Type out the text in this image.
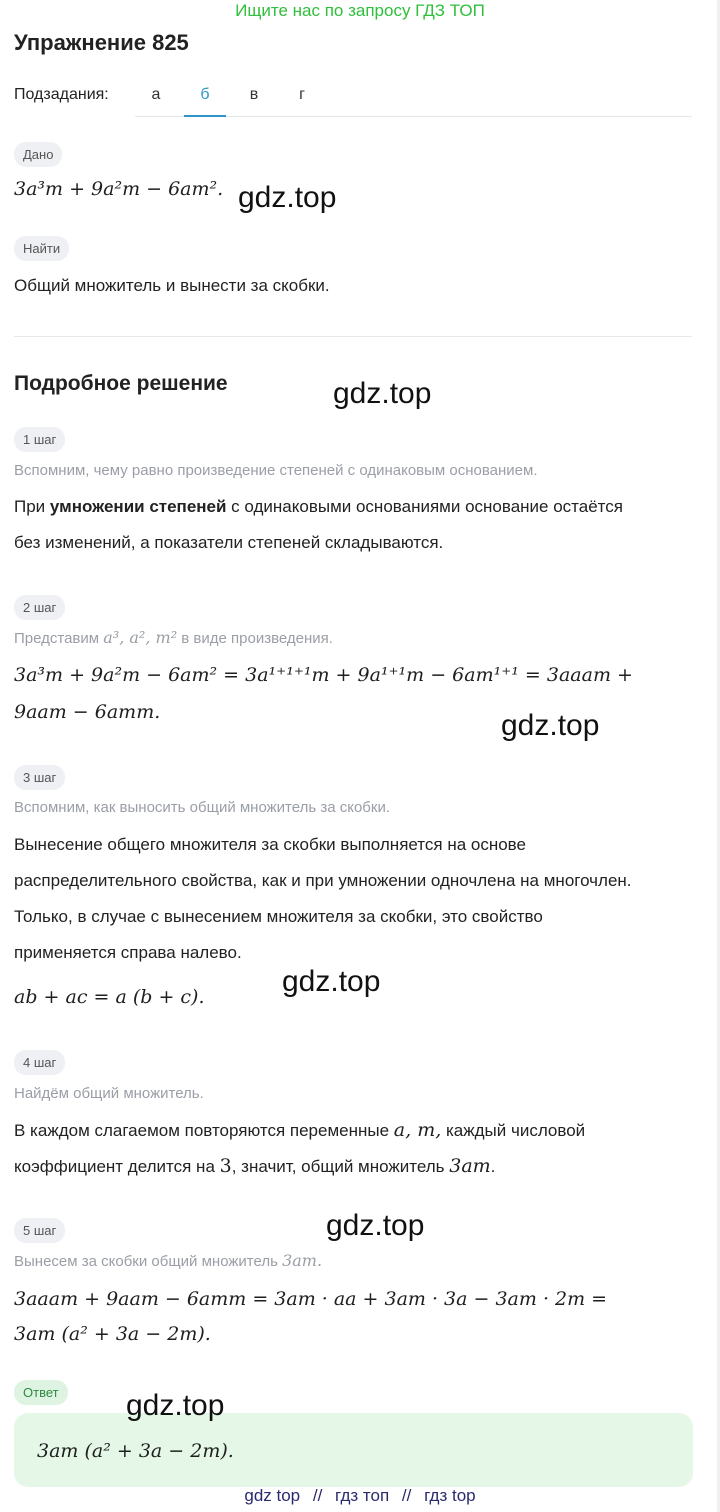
Ищите нас по запросу ГДЗ ТОП
Упражнение 825
Подзадания:	а	б	в	г
Дано
3a³m + 9a²m − 6am². gdz.top
Найти
Общий множитель и вынести за скобки.
Подробное решение	gdz.top
1 шаг
Вспомним, чему равно произведение степеней с одинаковым основанием.
При умножении степеней с одинаковыми основаниями основание остаётся
без изменений, а показатели степеней складываются.
2 шаг
Представим a³, a², m² в виде произведения.
3a³m + 9a²m − 6am² = 3a¹⁺¹⁺¹m + 9a¹⁺¹m − 6am¹⁺¹ = 3aaam +
9aam − 6amm.	gdz.top
3 шаг
Вспомним, как выносить общий множитель за скобки.
Вынесение общего множителя за скобки выполняется на основе
распределительного свойства, как и при умножении одночлена на многочлен.
Только, в случае с вынесением множителя за скобки, это свойство
применяется справа налево.
ab + ac = a (b + c).	gdz.top
4 шаг
Найдём общий множитель.
В каждом слагаемом повторяются переменные a, m, каждый числовой
коэффициент делится на 3, значит, общий множитель 3am.
5 шаг	gdz.top
Вынесем за скобки общий множитель 3am.
3aaam + 9aam − 6amm = 3am · aa + 3am · 3a − 3am · 2m =
3am (a² + 3a − 2m).
Ответ
3am (a² + 3a − 2m).
gdz.top
gdz top // гдз топ // гдз top
